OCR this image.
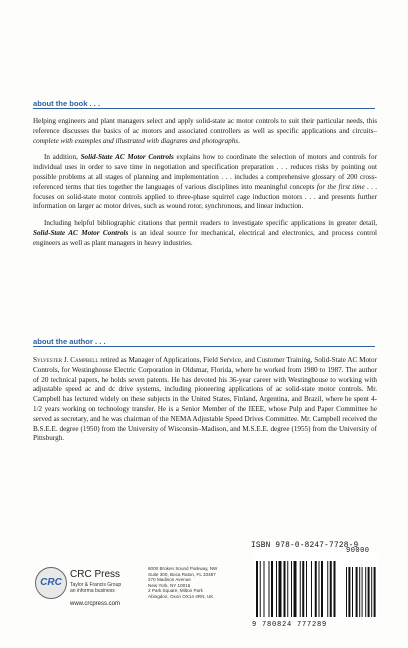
about the book . . .

Helping engineers and plant managers select and apply solid-state ac motor controls to suit their particular needs, this reference discusses the basics of ac motors and associated controllers as well as specific applications and circuits–complete with examples and illustrated with diagrams and photographs.

In addition, Solid-State AC Motor Controls explains how to coordinate the selection of motors and controls for individual uses in order to save time in negotiation and specification preparation . . . reduces risks by pointing out possible problems at all stages of planning and implementation . . . includes a comprehensive glossary of 200 cross-referenced terms that ties together the languages of various disciplines into meaningful concepts for the first time . . . focuses on solid-state motor controls applied to three-phase squirrel cage induction motors . . . and presents further information on larger ac motor drives, such as wound rotor, synchronous, and linear induction.

Including helpful bibliographic citations that permit readers to investigate specific applications in greater detail, Solid-State AC Motor Controls is an ideal source for mechanical, electrical and electronics, and process control engineers as well as plant managers in heavy industries.

about the author . . .

Sylvester J. Campbell retired as Manager of Applications, Field Service, and Customer Training, Solid-State AC Motor Controls, for Westinghouse Electric Corporation in Oldsmar, Florida, where he worked from 1980 to 1987. The author of 20 technical papers, he holds seven patents. He has devoted his 36-year career with Westinghouse to working with adjustable speed ac and dc drive systems, including pioneering applications of ac solid-state motor controls. Mr. Campbell has lectured widely on these subjects in the United States, Finland, Argentina, and Brazil, where he spent 4-1/2 years working on technology transfer. He is a Senior Member of the IEEE, whose Pulp and Paper Committee he served as secretary, and he was chairman of the NEMA Adjustable Speed Drives Committee. Mr. Campbell received the B.S.E.E. degree (1950) from the University of Wisconsin–Madison, and M.S.E.E. degree (1955) from the University of Pittsburgh.

CRC
CRC Press
Taylor & Francis Group
an informa business
www.crcpress.com
6000 Broken Sound Parkway, NW
Suite 300, Boca Raton, FL 33487
270 Madison Avenue
New York, NY 10016
2 Park Square, Milton Park
Abingdon, Oxon OX14 4RN, UK
ISBN 978-0-8247-7728-9
90000
9 780824 777289
